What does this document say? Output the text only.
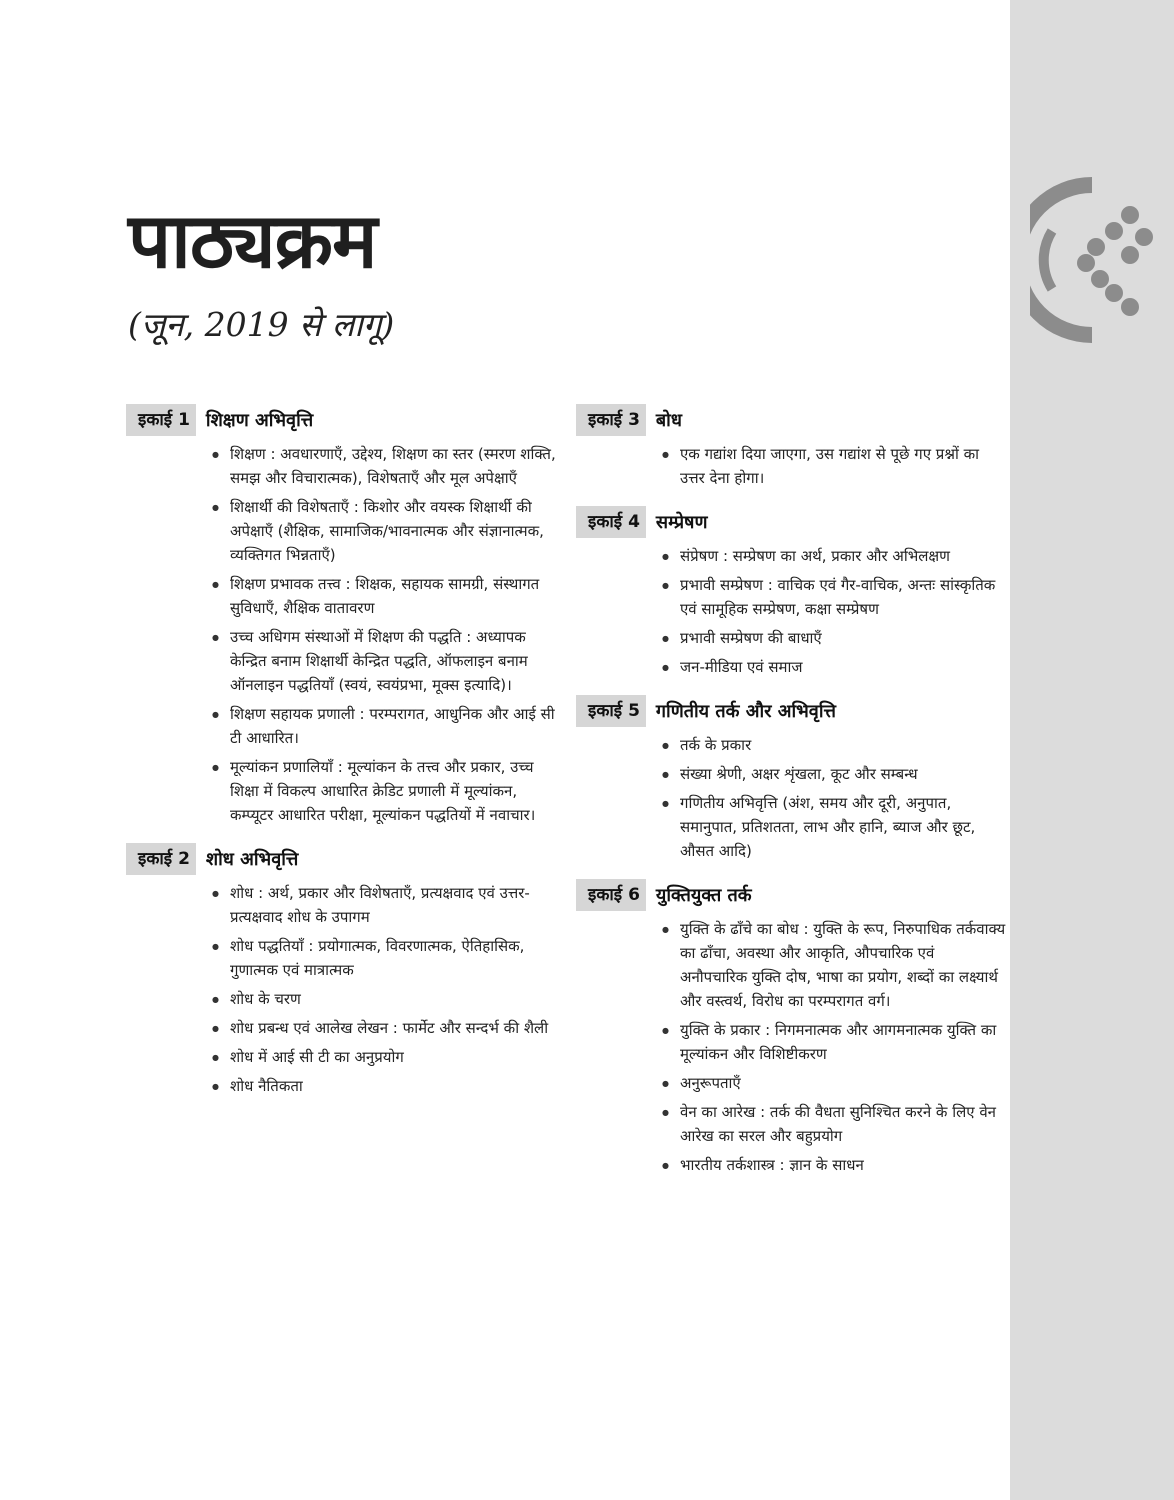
पाठ्यक्रम

(जून, 2019 से लागू)

इकाई 1 शिक्षण अभिवृत्ति
● शिक्षण : अवधारणाएँ, उद्देश्य, शिक्षण का स्तर (स्मरण शक्ति, समझ और विचारात्मक), विशेषताएँ और मूल अपेक्षाएँ
● शिक्षार्थी की विशेषताएँ : किशोर और वयस्क शिक्षार्थी की अपेक्षाएँ (शैक्षिक, सामाजिक/भावनात्मक और संज्ञानात्मक, व्यक्तिगत भिन्नताएँ)
● शिक्षण प्रभावक तत्त्व : शिक्षक, सहायक सामग्री, संस्थागत सुविधाएँ, शैक्षिक वातावरण
● उच्च अधिगम संस्थाओं में शिक्षण की पद्धति : अध्यापक केन्द्रित बनाम शिक्षार्थी केन्द्रित पद्धति, ऑफलाइन बनाम ऑनलाइन पद्धतियाँ (स्वयं, स्वयंप्रभा, मूक्स इत्यादि)।
● शिक्षण सहायक प्रणाली : परम्परागत, आधुनिक और आई सी टी आधारित।
● मूल्यांकन प्रणालियाँ : मूल्यांकन के तत्त्व और प्रकार, उच्च शिक्षा में विकल्प आधारित क्रेडिट प्रणाली में मूल्यांकन, कम्प्यूटर आधारित परीक्षा, मूल्यांकन पद्धतियों में नवाचार।
इकाई 2 शोध अभिवृत्ति
● शोध : अर्थ, प्रकार और विशेषताएँ, प्रत्यक्षवाद एवं उत्तर-प्रत्यक्षवाद शोध के उपागम
● शोध पद्धतियाँ : प्रयोगात्मक, विवरणात्मक, ऐतिहासिक, गुणात्मक एवं मात्रात्मक
● शोध के चरण
● शोध प्रबन्ध एवं आलेख लेखन : फार्मेट और सन्दर्भ की शैली
● शोध में आई सी टी का अनुप्रयोग
● शोध नैतिकता
इकाई 3 बोध
● एक गद्यांश दिया जाएगा, उस गद्यांश से पूछे गए प्रश्नों का उत्तर देना होगा।
इकाई 4 सम्प्रेषण
● संप्रेषण : सम्प्रेषण का अर्थ, प्रकार और अभिलक्षण
● प्रभावी सम्प्रेषण : वाचिक एवं गैर-वाचिक, अन्तः सांस्कृतिक एवं सामूहिक सम्प्रेषण, कक्षा सम्प्रेषण
● प्रभावी सम्प्रेषण की बाधाएँ
● जन-मीडिया एवं समाज
इकाई 5 गणितीय तर्क और अभिवृत्ति
● तर्क के प्रकार
● संख्या श्रेणी, अक्षर शृंखला, कूट और सम्बन्ध
● गणितीय अभिवृत्ति (अंश, समय और दूरी, अनुपात, समानुपात, प्रतिशतता, लाभ और हानि, ब्याज और छूट, औसत आदि)
इकाई 6 युक्तियुक्त तर्क
● युक्ति के ढाँचे का बोध : युक्ति के रूप, निरुपाधिक तर्कवाक्य का ढाँचा, अवस्था और आकृति, औपचारिक एवं अनौपचारिक युक्ति दोष, भाषा का प्रयोग, शब्दों का लक्ष्यार्थ और वस्त्वर्थ, विरोध का परम्परागत वर्ग।
● युक्ति के प्रकार : निगमनात्मक और आगमनात्मक युक्ति का मूल्यांकन और विशिष्टीकरण
● अनुरूपताएँ
● वेन का आरेख : तर्क की वैधता सुनिश्चित करने के लिए वेन आरेख का सरल और बहुप्रयोग
● भारतीय तर्कशास्त्र : ज्ञान के साधन
